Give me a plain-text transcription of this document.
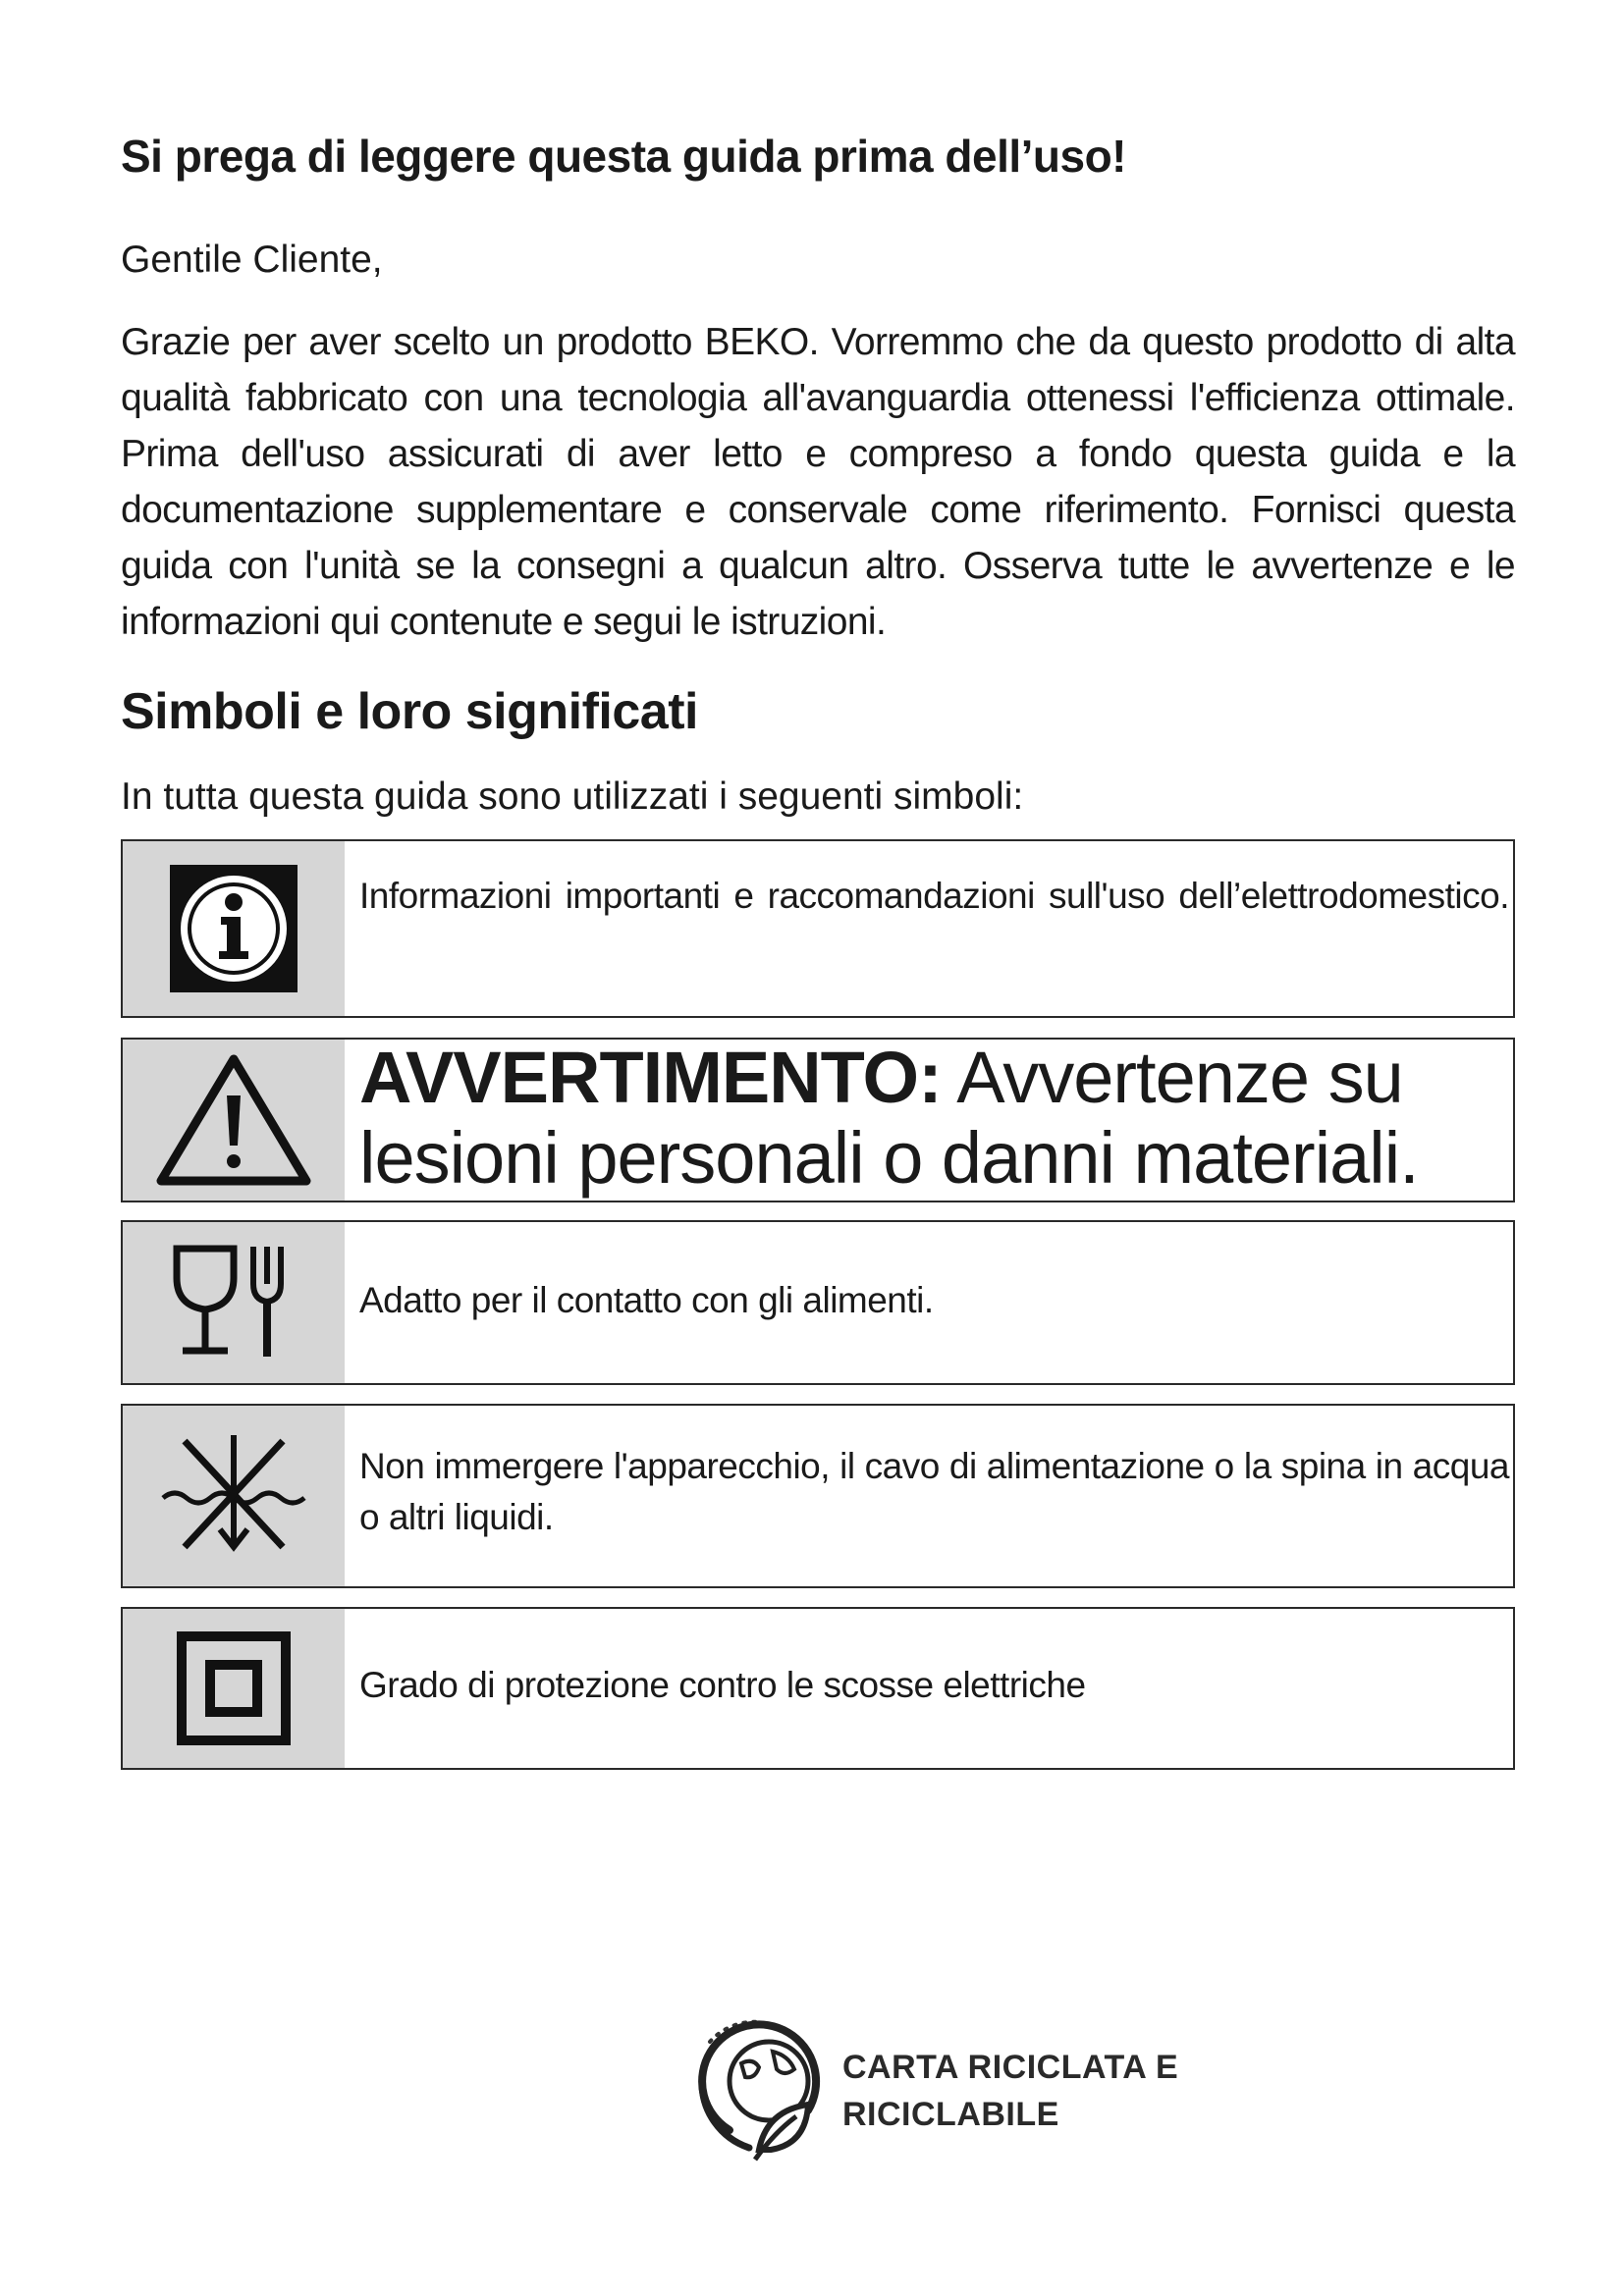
Si prega di leggere questa guida prima dell’uso!

Gentile Cliente,

Grazie per aver scelto un prodotto BEKO. Vorremmo che da questo prodotto di alta qualità fabbricato con una tecnologia all'avanguardia ottenessi l'efficienza ottimale. Prima dell'uso assicurati di aver letto e compreso a fondo questa guida e la documentazione supplementare e conservale come riferimento. Fornisci questa guida con l'unità se la consegni a qualcun altro. Osserva tutte le avvertenze e le informazioni qui contenute e segui le istruzioni.

Simboli e loro significati

In tutta questa guida sono utilizzati i seguenti simboli:

Informazioni importanti e raccomandazioni sull'uso dell’elettrodomestico.
AVVERTIMENTO: Avvertenze su lesioni personali o danni materiali.
Adatto per il contatto con gli alimenti.
Non immergere l'apparecchio, il cavo di alimentazione o la spina in acqua o altri liquidi.
Grado di protezione contro le scosse elettriche
CARTA RICICLATA E
RICICLABILE
